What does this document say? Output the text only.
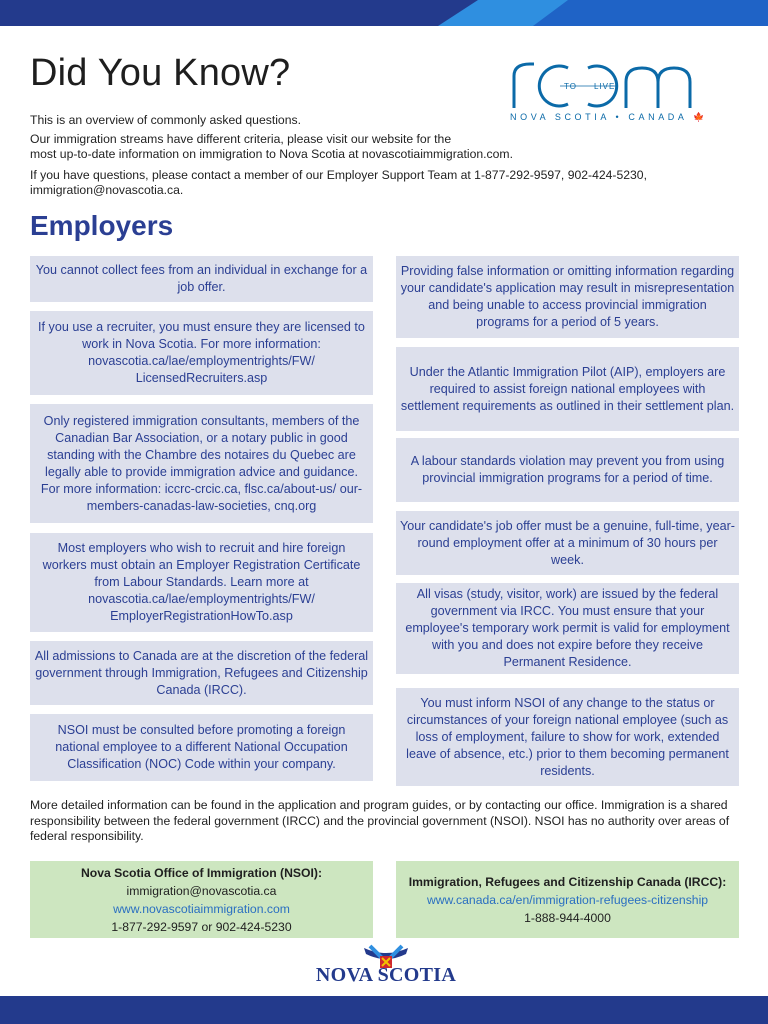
Did You Know?	TO LIVE
NOVA SCOTIA • CANADA 🍁

This is an overview of commonly asked questions.

Our immigration streams have different criteria, please visit our website for the
most up-to-date information on immigration to Nova Scotia at novascotiaimmigration.com.

If you have questions, please contact a member of our Employer Support Team at 1-877-292-9597, 902-424-5230,
immigration@novascotia.ca.

Employers
You cannot collect fees from an individual in exchange for a job offer.
If you use a recruiter, you must ensure they are licensed to work in Nova Scotia. For more information: novascotia.ca/lae/employmentrights/FW/ LicensedRecruiters.asp
Only registered immigration consultants, members of the Canadian Bar Association, or a notary public in good standing with the Chambre des notaires du Quebec are legally able to provide immigration advice and guidance. For more information: iccrc-crcic.ca, flsc.ca/about-us/ our-members-canadas-law-societies, cnq.org
Most employers who wish to recruit and hire foreign workers must obtain an Employer Registration Certificate from Labour Standards. Learn more at novascotia.ca/lae/employmentrights/FW/ EmployerRegistrationHowTo.asp
All admissions to Canada are at the discretion of the federal government through Immigration, Refugees and Citizenship Canada (IRCC).
NSOI must be consulted before promoting a foreign national employee to a different National Occupation Classification (NOC) Code within your company.
Providing false information or omitting information regarding your candidate's application may result in misrepresentation and being unable to access provincial immigration programs for a period of 5 years.
Under the Atlantic Immigration Pilot (AIP), employers are required to assist foreign national employees with settlement requirements as outlined in their settlement plan.
A labour standards violation may prevent you from using provincial immigration programs for a period of time.
Your candidate's job offer must be a genuine, full-time, year-round employment offer at a minimum of 30 hours per week.
All visas (study, visitor, work) are issued by the federal government via IRCC. You must ensure that your employee's temporary work permit is valid for employment with you and does not expire before they receive Permanent Residence.
You must inform NSOI of any change to the status or circumstances of your foreign national employee (such as loss of employment, failure to show for work, extended leave of absence, etc.) prior to them becoming permanent residents.

More detailed information can be found in the application and program guides, or by contacting our office. Immigration is a shared responsibility between the federal government (IRCC) and the provincial government (NSOI). NSOI has no authority over areas of federal responsibility.

Nova Scotia Office of Immigration (NSOI):
immigration@novascotia.ca
www.novascotiaimmigration.com
1-877-292-9597 or 902-424-5230
Immigration, Refugees and Citizenship Canada (IRCC):
www.canada.ca/en/immigration-refugees-citizenship
1-888-944-4000
NOVA SCOTIA
